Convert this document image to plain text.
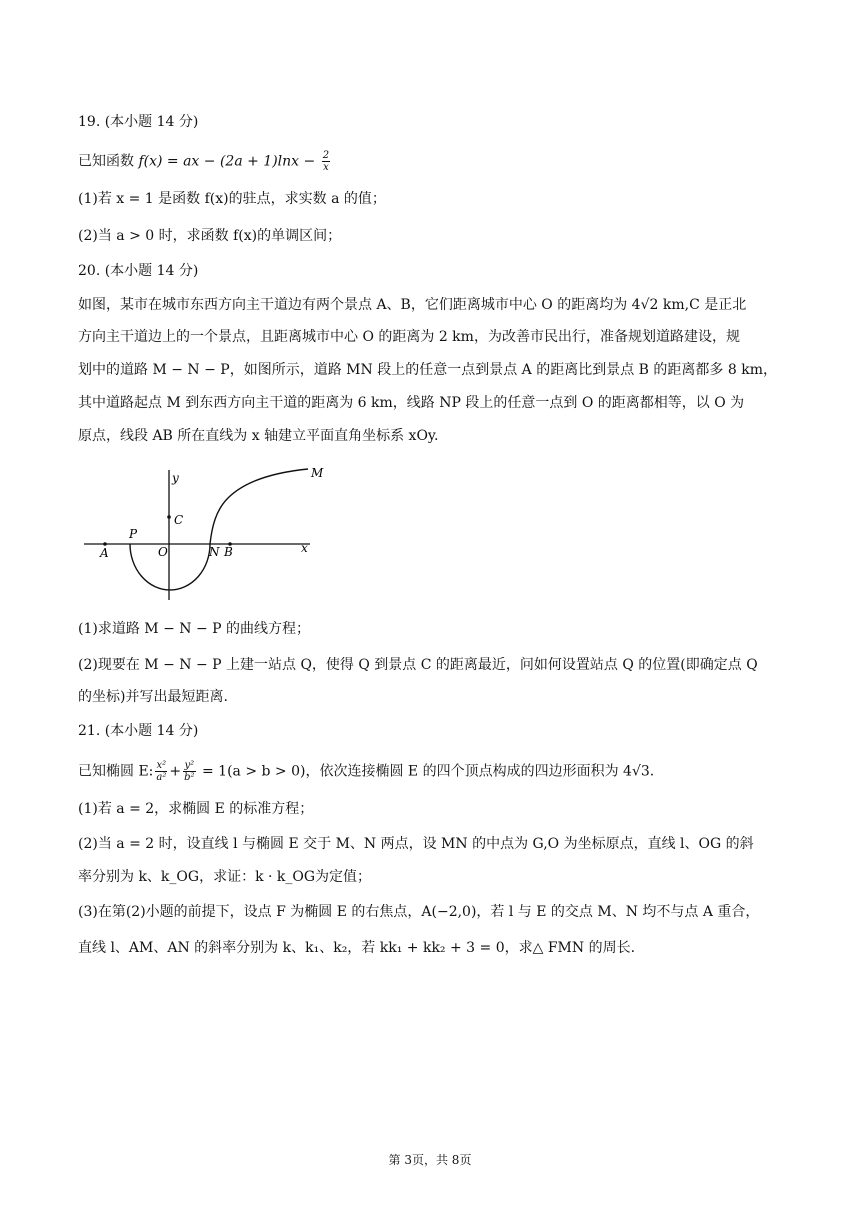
19. (本小题 14 分)
已知函数 f(x) = ax − $(2a + 1)\ln x - \frac{2}{x}$
(1)若 x = 1 是函数 f(x)的驻点，求实数 a 的值；
(2)当 a > 0 时，求函数 f(x)的单调区间；
20. (本小题 14 分)
如图，某市在城市东西方向主干道边有两个景点 A、B，它们距离城市中心 O 的距离均为 4√2 km,C 是正北
方向主干道边上的一个景点，且距离城市中心 O 的距离为 2 km，为改善市民出行，准备规划道路建设，规
划中的道路 M − N − P，如图所示，道路 MN 段上的任意一点到景点 A 的距离比到景点 B 的距离都多 8 km，
其中道路起点 M 到东西方向主干道的距离为 6 km，线路 NP 段上的任意一点到 O 的距离都相等，以 O 为
原点，线段 AB 所在直线为 x 轴建立平面直角坐标系 xOy.
y
x
M
C
P
O	N B
A
(1)求道路 M − N − P 的曲线方程；
(2)现要在 M − N − P 上建一站点 Q，使得 Q 到景点 C 的距离最近，问如何设置站点 Q 的位置(即确定点 Q
的坐标)并写出最短距离.
21. (本小题 14 分)
已知椭圆 E: $\frac{\text{x²}}{\text{a²}} + \frac{\text{y²}}{\text{b²}} = 1(a > b > 0)$，依次连接椭圆 E 的四个顶点构成的四边形面积为 4√3.
(1)若 a = 2，求椭圆 E 的标准方程；
(2)当 a = 2 时，设直线 l 与椭圆 E 交于 M、N 两点，设 MN 的中点为 G,O 为坐标原点，直线 l、OG 的斜
率分别为 k、k_OG，求证：k · k_OG为定值；
(3)在第(2)小题的前提下，设点 F 为椭圆 E 的右焦点，A(−2,0)，若 l 与 E 的交点 M、N 均不与点 A 重合，
直线 l、AM、AN 的斜率分别为 k、k₁、k₂，若 kk₁ + kk₂ + 3 = 0，求△ FMN 的周长.
第 3页，共 8页
